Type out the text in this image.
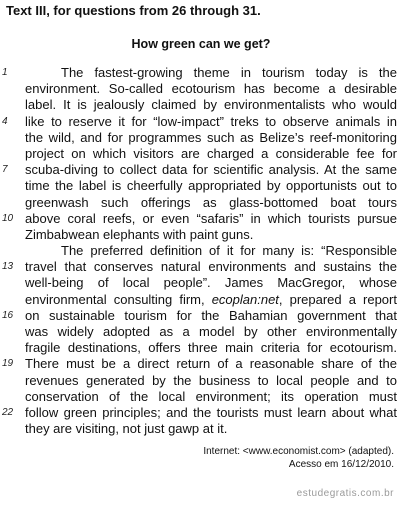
Text III, for questions from 26 through 31.
How green can we get?
1
4
7
10
13
16
19
22
The fastest-growing theme in tourism today is the
environment. So-called ecotourism has become a desirable
label. It is jealously claimed by environmentalists who would
like to reserve it for “low-impact” treks to observe animals in
the wild, and for programmes such as Belize’s reef-monitoring
project on which visitors are charged a considerable fee for
scuba-diving to collect data for scientific analysis. At the same
time the label is cheerfully appropriated by opportunists out to
greenwash such offerings as glass-bottomed boat tours
above coral reefs, or even “safaris” in which tourists pursue
Zimbabwean elephants with paint guns.
The preferred definition of it for many is: “Responsible
travel that conserves natural environments and sustains the
well-being of local people”. James MacGregor, whose
environmental consulting firm, ecoplan:net, prepared a report
on sustainable tourism for the Bahamian government that
was widely adopted as a model by other environmentally
fragile destinations, offers three main criteria for ecotourism.
There must be a direct return of a reasonable share of the
revenues generated by the business to local people and to
conservation of the local environment; its operation must
follow green principles; and the tourists must learn about what
they are visiting, not just gawp at it.
Internet: <www.economist.com> (adapted).
Acesso em 16/12/2010.
estudegratis.com.br
